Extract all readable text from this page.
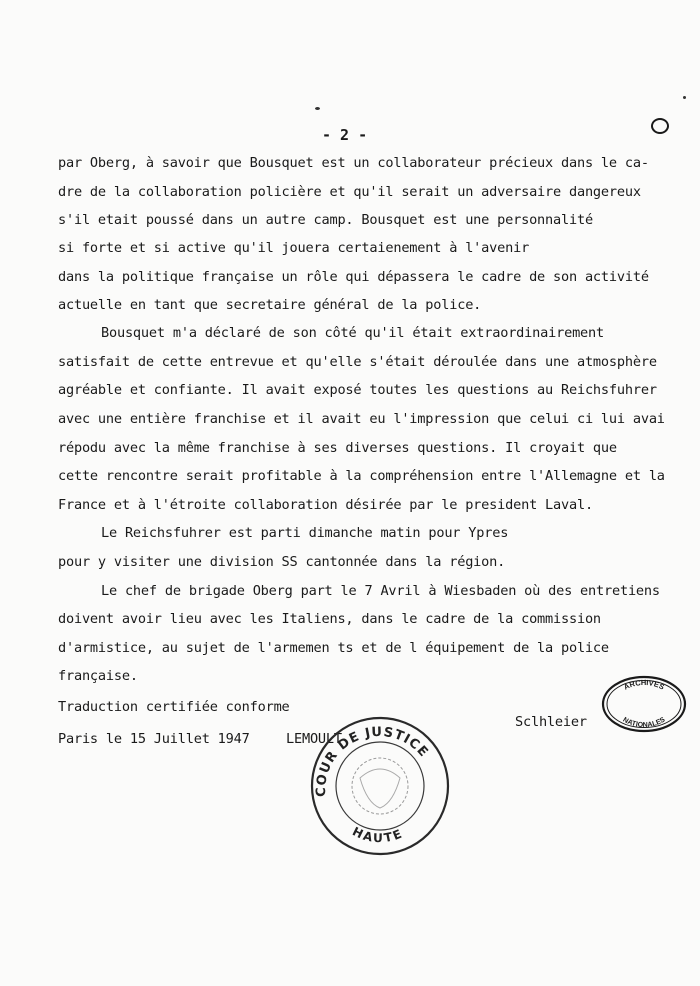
- 2 -
par Oberg, à savoir que Bousquet est un collaborateur précieux dans le ca-
dre de la collaboration policière et qu'il serait un adversaire dangereux
s'il etait poussé dans un autre camp. Bousquet est une personnalité
si forte et si active qu'il jouera certaienement à l'avenir
dans la politique française un rôle qui dépassera le cadre de son activité
actuelle en tant que secretaire général de la police.
Bousquet m'a déclaré de son côté qu'il était extraordinairement
satisfait de cette entrevue et qu'elle s'était déroulée dans une atmosphère
agréable et confiante. Il avait exposé toutes les questions au Reichsfuhrer
avec une entière franchise et il avait eu l'impression que celui ci lui avai
répodu avec la même franchise à ses diverses questions. Il croyait que
cette rencontre serait profitable à la compréhension entre l'Allemagne et la
France et à l'étroite collaboration désirée par le president Laval.
Le Reichsfuhrer est parti dimanche matin pour Ypres
pour y visiter une division SS cantonnée dans la région.
Le chef de brigade Oberg part le 7 Avril à Wiesbaden où des entretiens
doivent avoir lieu avec les Italiens, dans le cadre de la commission
d'armistice, au sujet de l'armemen ts et de l équipement de la police
française.
Traduction certifiée conforme
Paris le 15 Juillet 1947	LEMOULT
Sclhleier
ARCHIVES
NATIONALES
COUR DE JUSTICE
HAUTE
